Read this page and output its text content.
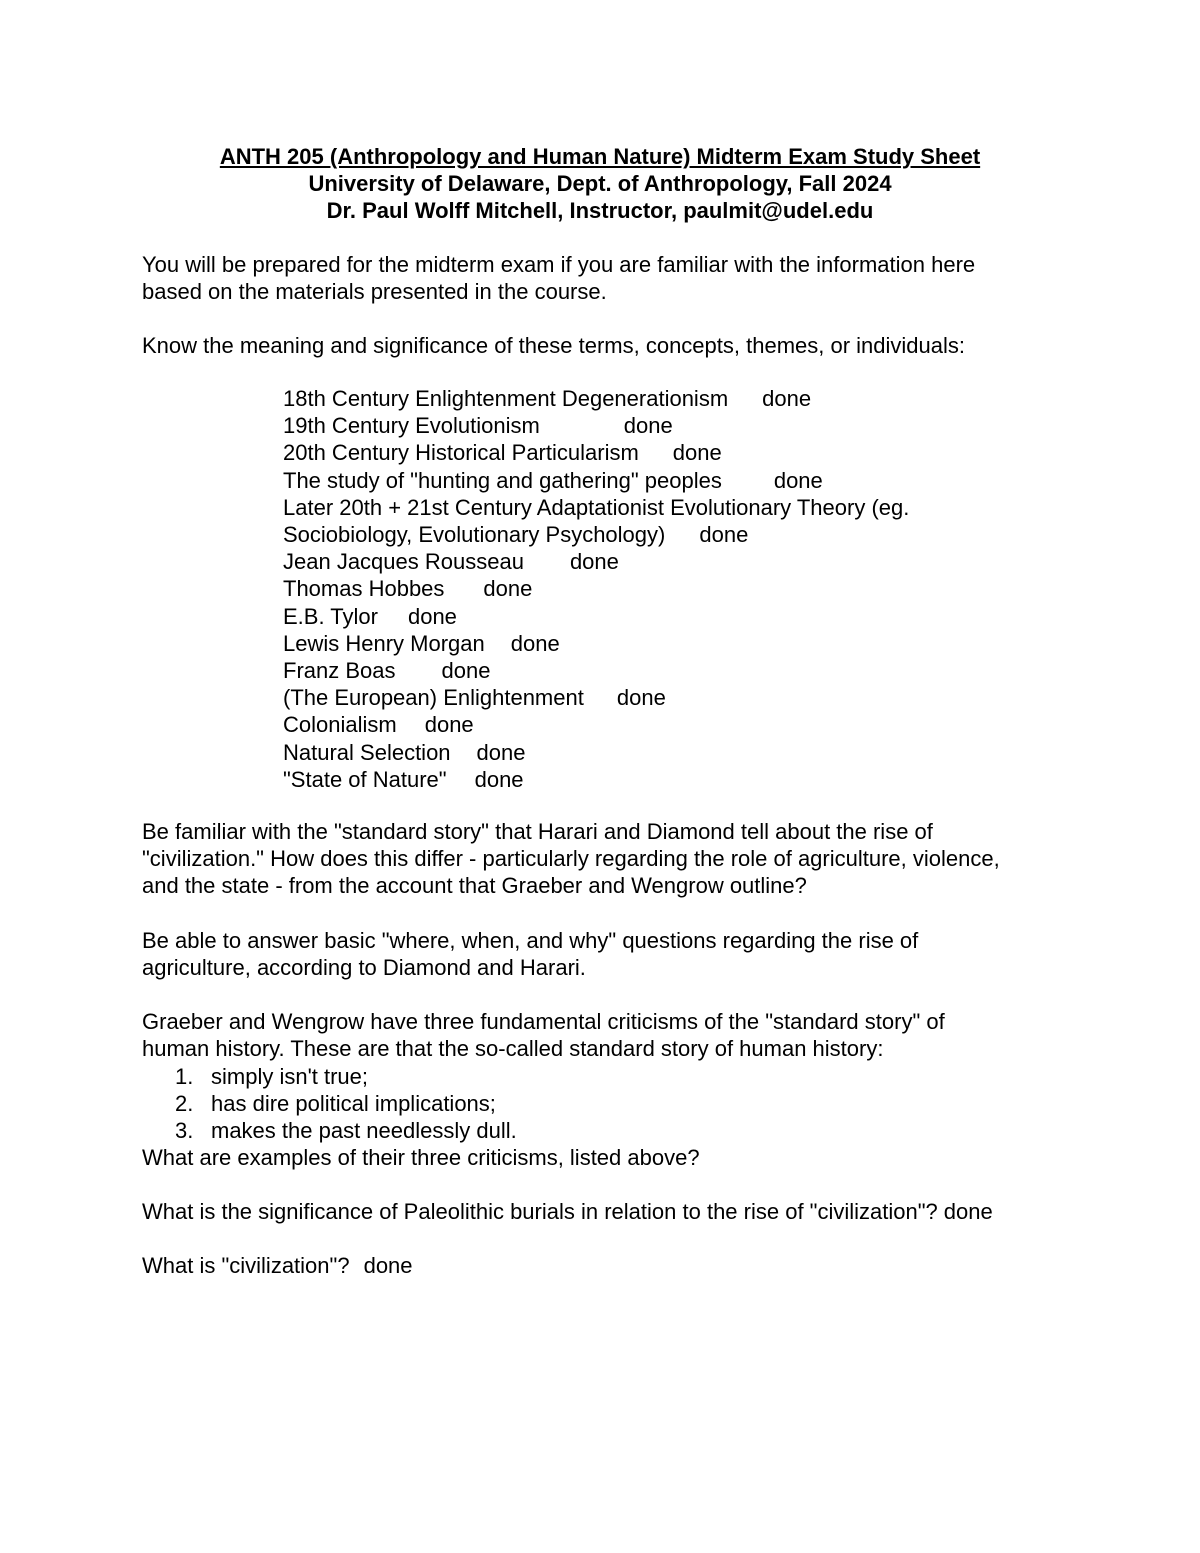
ANTH 205 (Anthropology and Human Nature) Midterm Exam Study Sheet
University of Delaware, Dept. of Anthropology, Fall 2024
Dr. Paul Wolff Mitchell, Instructor, paulmit@udel.edu
You will be prepared for the midterm exam if you are familiar with the information here
based on the materials presented in the course.
Know the meaning and significance of these terms, concepts, themes, or individuals:
18th Century Enlightenment Degenerationism done
19th Century Evolutionism	done
20th Century Historical Particularism done
The study of "hunting and gathering" peoples done
Later 20th + 21st Century Adaptationist Evolutionary Theory (eg.
Sociobiology, Evolutionary Psychology) done
Jean Jacques Rousseau done
Thomas Hobbes done
E.B. Tylor done
Lewis Henry Morgan done
Franz Boas done
(The European) Enlightenment done
Colonialism done
Natural Selection done
"State of Nature" done
Be familiar with the "standard story" that Harari and Diamond tell about the rise of
"civilization." How does this differ - particularly regarding the role of agriculture, violence,
and the state - from the account that Graeber and Wengrow outline?
Be able to answer basic "where, when, and why" questions regarding the rise of
agriculture, according to Diamond and Harari.
Graeber and Wengrow have three fundamental criticisms of the "standard story" of
human history. These are that the so-called standard story of human history:
1. simply isn't true;
2. has dire political implications;
3. makes the past needlessly dull.
What are examples of their three criticisms, listed above?
What is the significance of Paleolithic burials in relation to the rise of "civilization"? done
What is "civilization"? done
